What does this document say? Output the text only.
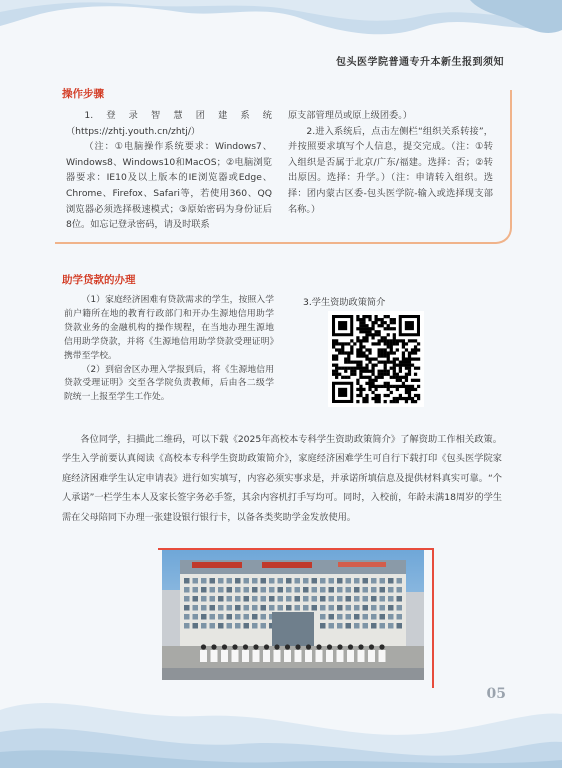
包头医学院普通专升本新生报到须知
操作步骤

1.登录智慧团建系统（https://zhtj.youth.cn/zhtj/）

（注：①电脑操作系统要求：Windows7、Windows8、Windows10和MacOS；②电脑浏览器要求：IE10及以上版本的IE浏览器或Edge、Chrome、Firefox、Safari等，若使用360、QQ浏览器必须选择极速模式；③原始密码为身份证后8位。如忘记登录密码，请及时联系

原支部管理员或原上级团委。）

2.进入系统后，点击左侧栏“组织关系转接”，并按照要求填写个人信息，提交完成。（注：①转入组织是否属于北京/广东/福建。选择：否；②转出原因。选择：升学。）（注：申请转入组织。选择：团内蒙古区委-包头医学院-输入或选择现支部名称。）

助学贷款的办理

（1）家庭经济困难有贷款需求的学生，按照入学前户籍所在地的教育行政部门和开办生源地信用助学贷款业务的金融机构的操作规程，在当地办理生源地信用助学贷款，并将《生源地信用助学贷款受理证明》携带至学校。

（2）到宿舍区办理入学报到后，将《生源地信用贷款受理证明》交至各学院负责教师，后由各二级学院统一上报至学生工作处。

3.学生资助政策简介

各位同学，扫描此二维码，可以下载《2025年高校本专科学生资助政策简介》了解资助工作相关政策。学生入学前要认真阅读《高校本专科学生资助政策简介》，家庭经济困难学生可自行下载打印《包头医学院家庭经济困难学生认定申请表》进行如实填写，内容必须实事求是，并承诺所填信息及提供材料真实可靠。“个人承诺”一栏学生本人及家长签字务必手签，其余内容机打手写均可。同时，入校前，年龄未满18周岁的学生需在父母陪同下办理一张建设银行银行卡，以备各类奖助学金发放使用。

05
